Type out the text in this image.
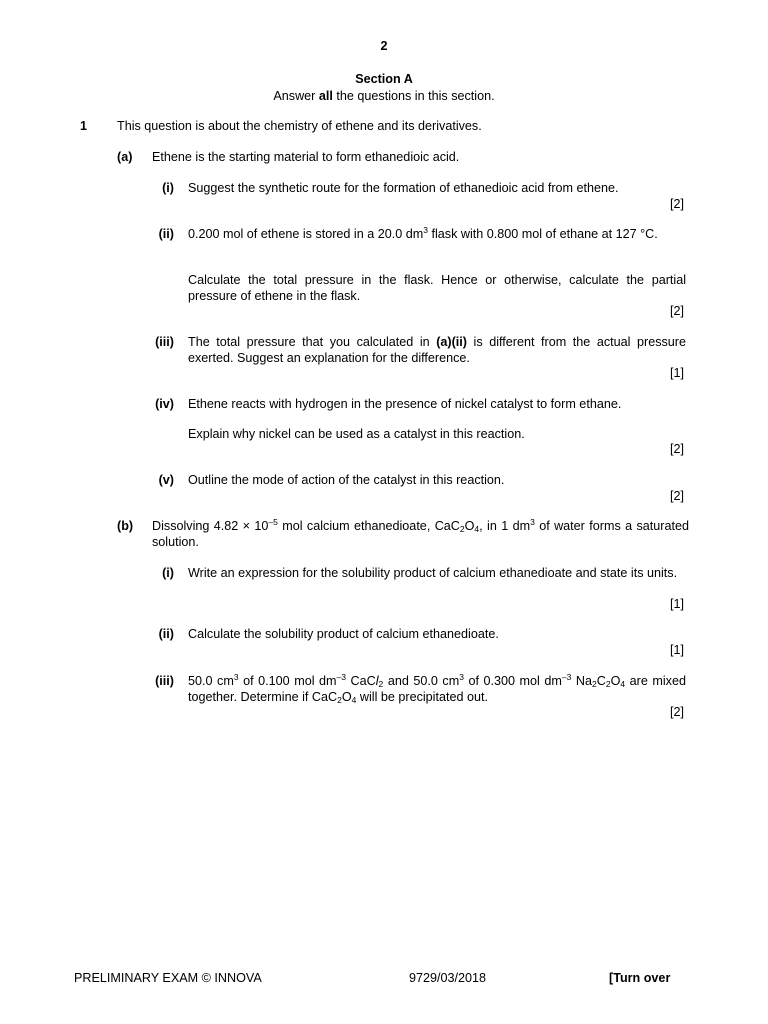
2
Section A
Answer all the questions in this section.
1 This question is about the chemistry of ethene and its derivatives.
(a) Ethene is the starting material to form ethanedioic acid.
(i) Suggest the synthetic route for the formation of ethanedioic acid from ethene.
[2]
(ii) 0.200 mol of ethene is stored in a 20.0 $dm^3$ flask with 0.800 mol of ethane at 127 °C.
Calculate the total pressure in the flask. Hence or otherwise, calculate the partial pressure of ethene in the flask.
[2]
(iii) The total pressure that you calculated in (a)(ii) is different from the actual pressure exerted. Suggest an explanation for the difference.
[1]
(iv) Ethene reacts with hydrogen in the presence of nickel catalyst to form ethane.
Explain why nickel can be used as a catalyst in this reaction.
[2]
(v) Outline the mode of action of the catalyst in this reaction.
[2]
(b) Dissolving $4.82 \times 10^{-5}$ mol calcium ethanedioate, $CaC_2O_4$, in 1 $dm^3$ of water forms a saturated solution.
(i) Write an expression for the solubility product of calcium ethanedioate and state its units.
[1]
(ii) Calculate the solubility product of calcium ethanedioate.
[1]
(iii) 50.0 $cm^3$ of 0.100 mol $dm^{-3}$ CaCl$_2$ and 50.0 $cm^3$ of 0.300 mol $dm^{-3}$ $Na_2C_2O_4$ are mixed together. Determine if $CaC_2O_4$ will be precipitated out.
[2]
PRELIMINARY EXAM © INNOVA	9729/03/2018	[Turn over
